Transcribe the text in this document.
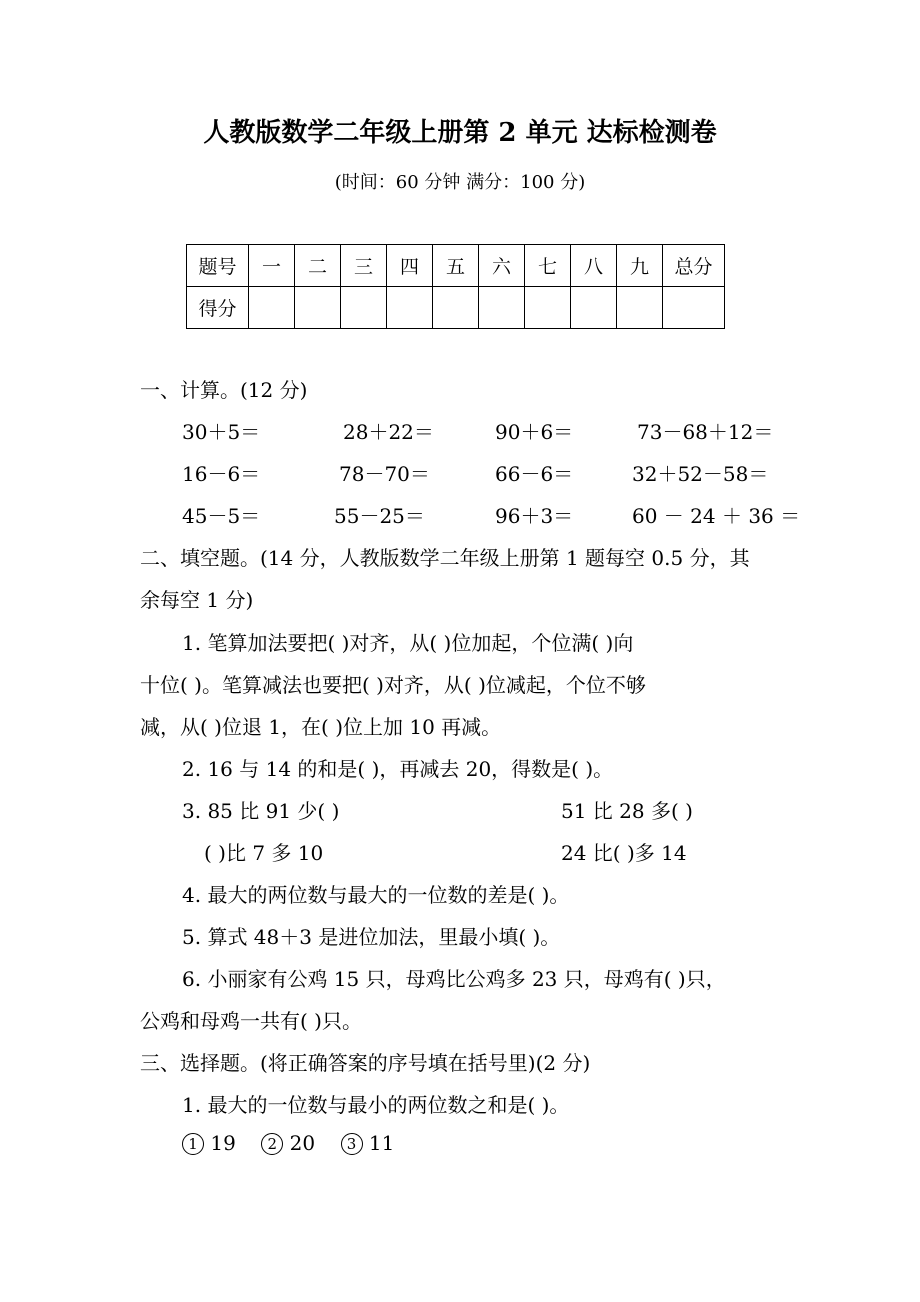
人教版数学二年级上册第 2 单元 达标检测卷
(时间：60 分钟 满分：100 分)
题号	一	二	三	四	五	六	七	八	九	总分
得分										
一、计算。(12 分)
30＋5＝	28＋22＝	90＋6＝	73－68＋12＝
16－6＝	78－70＝	66－6＝	32＋52－58＝
45－5＝	55－25＝	96＋3＝	60 － 24 ＋ 36 ＝
二、填空题。(14 分，人教版数学二年级上册第 1 题每空 0.5 分，其
余每空 1 分)
1. 笔算加法要把( )对齐，从( )位加起，个位满( )向
十位( )。笔算减法也要把( )对齐，从( )位减起，个位不够
减，从( )位退 1，在( )位上加 10 再减。
2. 16 与 14 的和是( )，再减去 20，得数是( )。
3. 85 比 91 少( )	51 比 28 多( )
( )比 7 多 10	24 比( )多 14
4. 最大的两位数与最大的一位数的差是( )。
5. 算式 48＋3 是进位加法，里最小填( )。
6. 小丽家有公鸡 15 只，母鸡比公鸡多 23 只，母鸡有( )只，
公鸡和母鸡一共有( )只。
三、选择题。(将正确答案的序号填在括号里)(2 分)
1. 最大的一位数与最小的两位数之和是( )。
1 19 2 20 3 11
